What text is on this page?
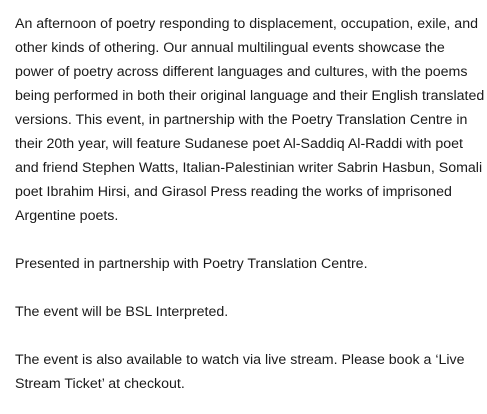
An afternoon of poetry responding to displacement, occupation, exile, and other kinds of othering. Our annual multilingual events showcase the power of poetry across different languages and cultures, with the poems being performed in both their original language and their English translated versions. This event, in partnership with the Poetry Translation Centre in their 20th year, will feature Sudanese poet Al-Saddiq Al-Raddi with poet and friend Stephen Watts, Italian-Palestinian writer Sabrin Hasbun, Somali poet Ibrahim Hirsi, and Girasol Press reading the works of imprisoned Argentine poets.

Presented in partnership with Poetry Translation Centre.

The event will be BSL Interpreted.

The event is also available to watch via live stream. Please book a ‘Live Stream Ticket’ at checkout.
